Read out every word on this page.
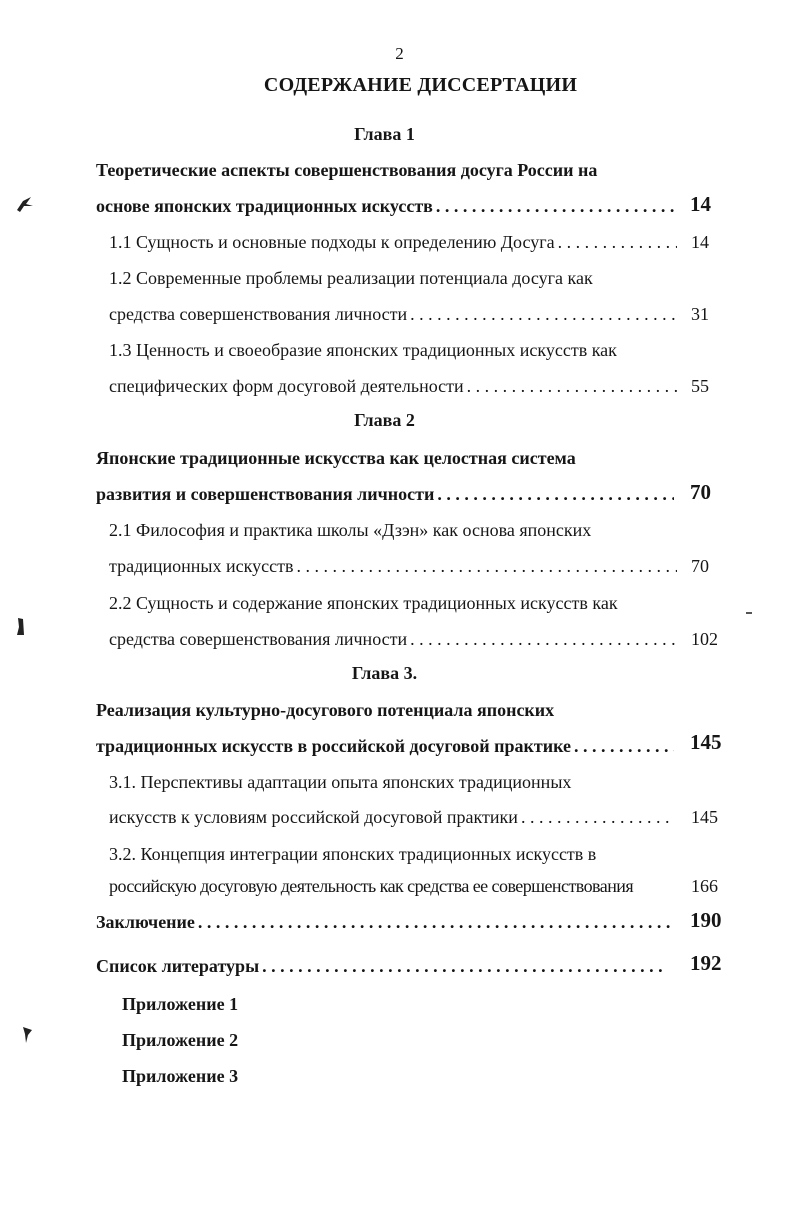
2
СОДЕРЖАНИЕ ДИССЕРТАЦИИ
Глава 1
Теоретические аспекты совершенствования досуга России на
основе японских традиционных искусств . . .	14
1.1 Сущность и основные подходы к определению Досуга . . .	14
1.2 Современные проблемы реализации потенциала досуга как
средства совершенствования личности . . .	31
1.3 Ценность и своеобразие японских традиционных искусств как
специфических форм досуговой деятельности . . .	55
Глава 2
Японские традиционные искусства как целостная система
развития и совершенствования личности . . .	70
2.1 Философия и практика школы «Дзэн» как основа японских
традиционных искусств . . .	70
2.2 Сущность и содержание японских традиционных искусств как
средства совершенствования личности . . .	102
Глава 3.
Реализация культурно-досугового потенциала японских
традиционных искусств в российской досуговой практике . . .	145
3.1. Перспективы адаптации опыта японских традиционных
искусств к условиям российской досуговой практики . . .	145
3.2. Концепция интеграции японских традиционных искусств в
российскую досуговую деятельность как средства ее совершенствования	166
Заключение . . .	190
Список литературы . . .	192
Приложение 1
Приложение 2
Приложение 3
